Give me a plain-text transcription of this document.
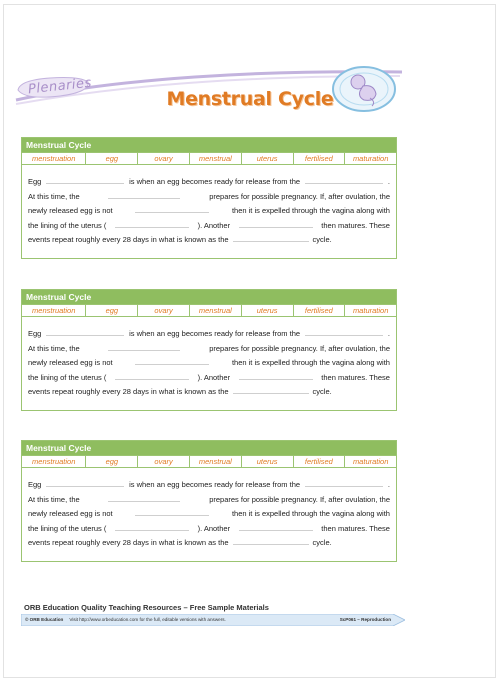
Plenaries
Menstrual Cycle
Menstrual Cycle
menstruation	egg	ovary	menstrual	uterus	fertilised	maturation
Egg	is when an egg becomes ready for release from the	.
At this time, the	prepares for possible pregnancy. If, after ovulation, the
newly released egg is not	then it is expelled through the vagina along with
the lining of the uterus (	). Another	then matures. These
events repeat roughly every 28 days in what is known as the	cycle.
Menstrual Cycle
menstruation	egg	ovary	menstrual	uterus	fertilised	maturation
Egg	is when an egg becomes ready for release from the	.
At this time, the	prepares for possible pregnancy. If, after ovulation, the
newly released egg is not	then it is expelled through the vagina along with
the lining of the uterus (	). Another	then matures. These
events repeat roughly every 28 days in what is known as the	cycle.
Menstrual Cycle
menstruation	egg	ovary	menstrual	uterus	fertilised	maturation
Egg	is when an egg becomes ready for release from the	.
At this time, the	prepares for possible pregnancy. If, after ovulation, the
newly released egg is not	then it is expelled through the vagina along with
the lining of the uterus (	). Another	then matures. These
events repeat roughly every 28 days in what is known as the	cycle.
ORB Education Quality Teaching Resources – Free Sample Materials
© ORB Education Visit http://www.orbeducation.com for the full, editable versions with answers.	ScP061 – Reproduction
